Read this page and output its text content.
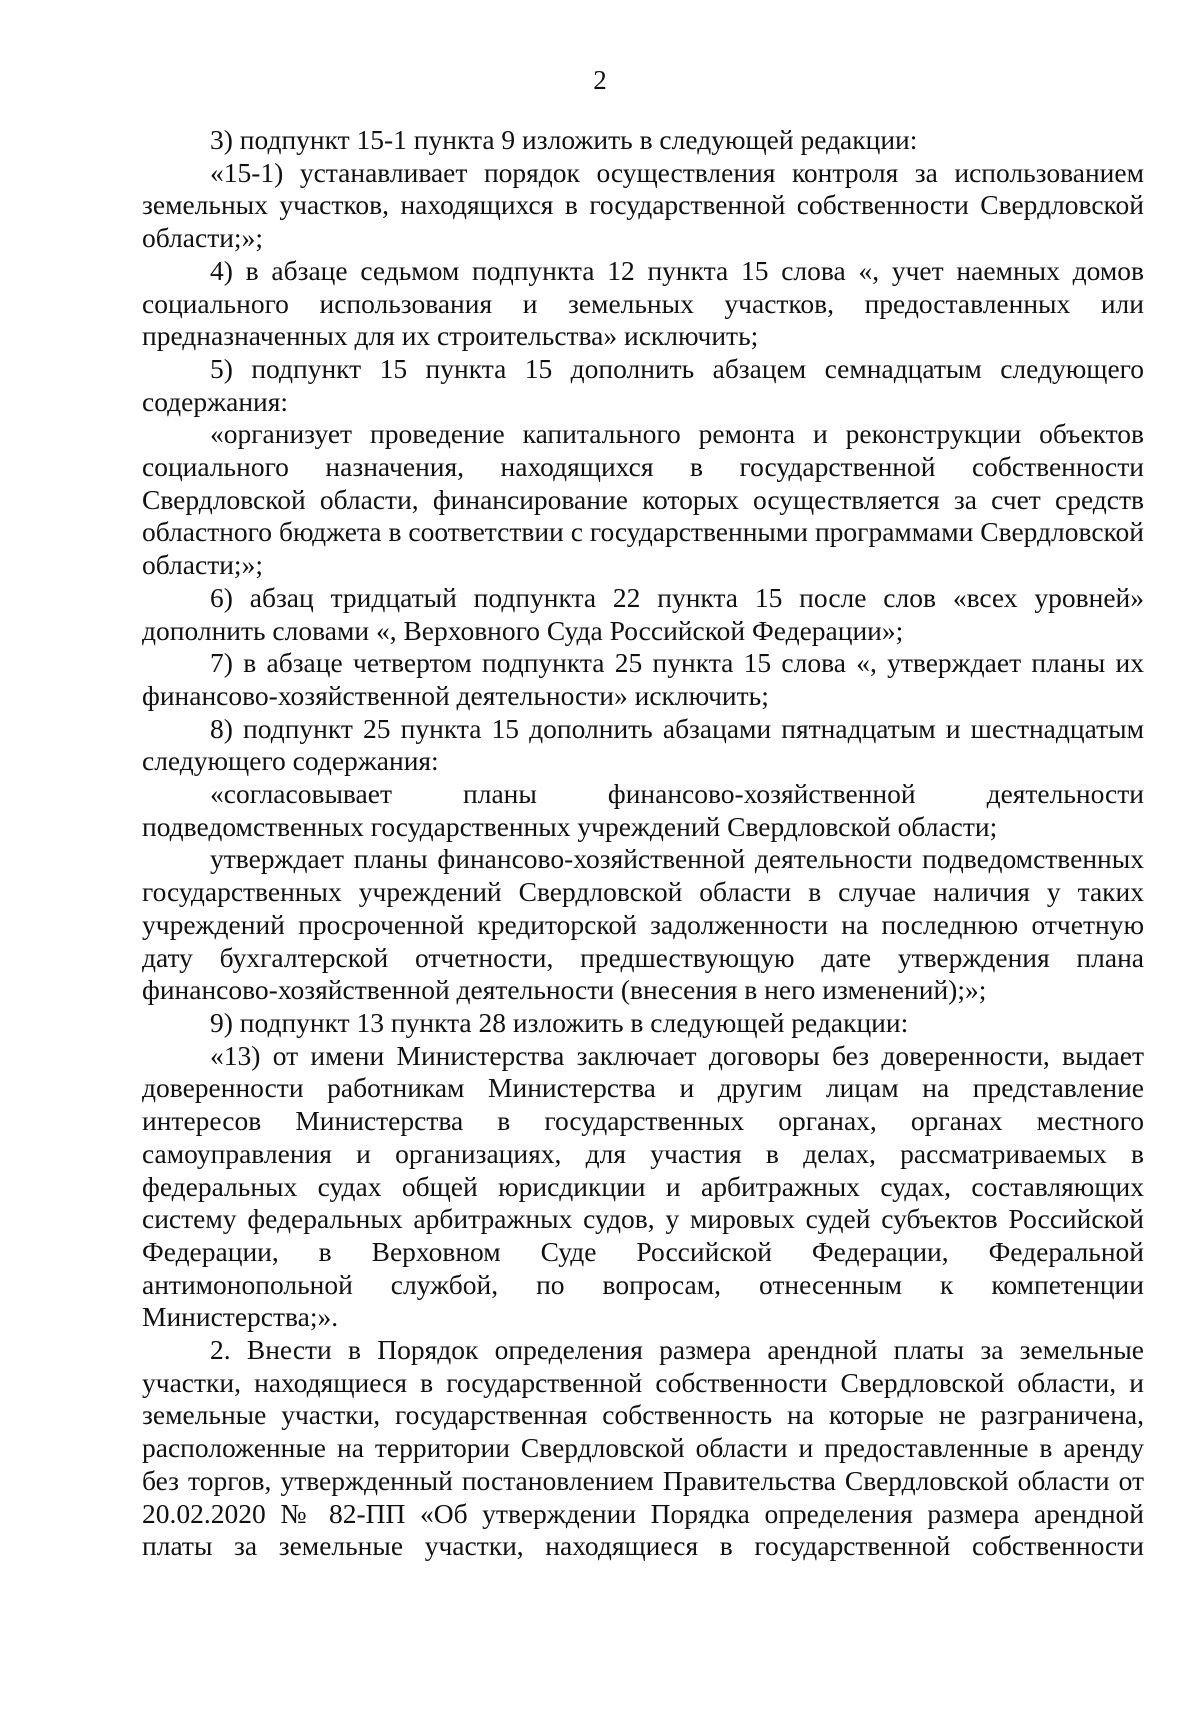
2

3) подпункт 15-1 пункта 9 изложить в следующей редакции:

«15-1) устанавливает порядок осуществления контроля за использованием земельных участков, находящихся в государственной собственности Свердловской области;»;

4) в абзаце седьмом подпункта 12 пункта 15 слова «, учет наемных домов социального использования и земельных участков, предоставленных или предназначенных для их строительства» исключить;

5) подпункт 15 пункта 15 дополнить абзацем семнадцатым следующего содержания:

«организует проведение капитального ремонта и реконструкции объектов социального назначения, находящихся в государственной собственности Свердловской области, финансирование которых осуществляется за счет средств областного бюджета в соответствии с государственными программами Свердловской области;»;

6) абзац тридцатый подпункта 22 пункта 15 после слов «всех уровней» дополнить словами «, Верховного Суда Российской Федерации»;

7) в абзаце четвертом подпункта 25 пункта 15 слова «, утверждает планы их финансово-хозяйственной деятельности» исключить;

8) подпункт 25 пункта 15 дополнить абзацами пятнадцатым и шестнадцатым следующего содержания:

«согласовывает планы финансово-хозяйственной деятельности подведомственных государственных учреждений Свердловской области;

утверждает планы финансово-хозяйственной деятельности подведомственных государственных учреждений Свердловской области в случае наличия у таких учреждений просроченной кредиторской задолженности на последнюю отчетную дату бухгалтерской отчетности, предшествующую дате утверждения плана финансово-хозяйственной деятельности (внесения в него изменений);»;

9) подпункт 13 пункта 28 изложить в следующей редакции:

«13) от имени Министерства заключает договоры без доверенности, выдает доверенности работникам Министерства и другим лицам на представление интересов Министерства в государственных органах, органах местного самоуправления и организациях, для участия в делах, рассматриваемых в федеральных судах общей юрисдикции и арбитражных судах, составляющих систему федеральных арбитражных судов, у мировых судей субъектов Российской Федерации, в Верховном Суде Российской Федерации, Федеральной антимонопольной службой, по вопросам, отнесенным к компетенции Министерства;».

2. Внести в Порядок определения размера арендной платы за земельные участки, находящиеся в государственной собственности Свердловской области, и земельные участки, государственная собственность на которые не разграничена, расположенные на территории Свердловской области и предоставленные в аренду без торгов, утвержденный постановлением Правительства Свердловской области от 20.02.2020 № 82-ПП «Об утверждении Порядка определения размера арендной платы за земельные участки, находящиеся в государственной собственности
